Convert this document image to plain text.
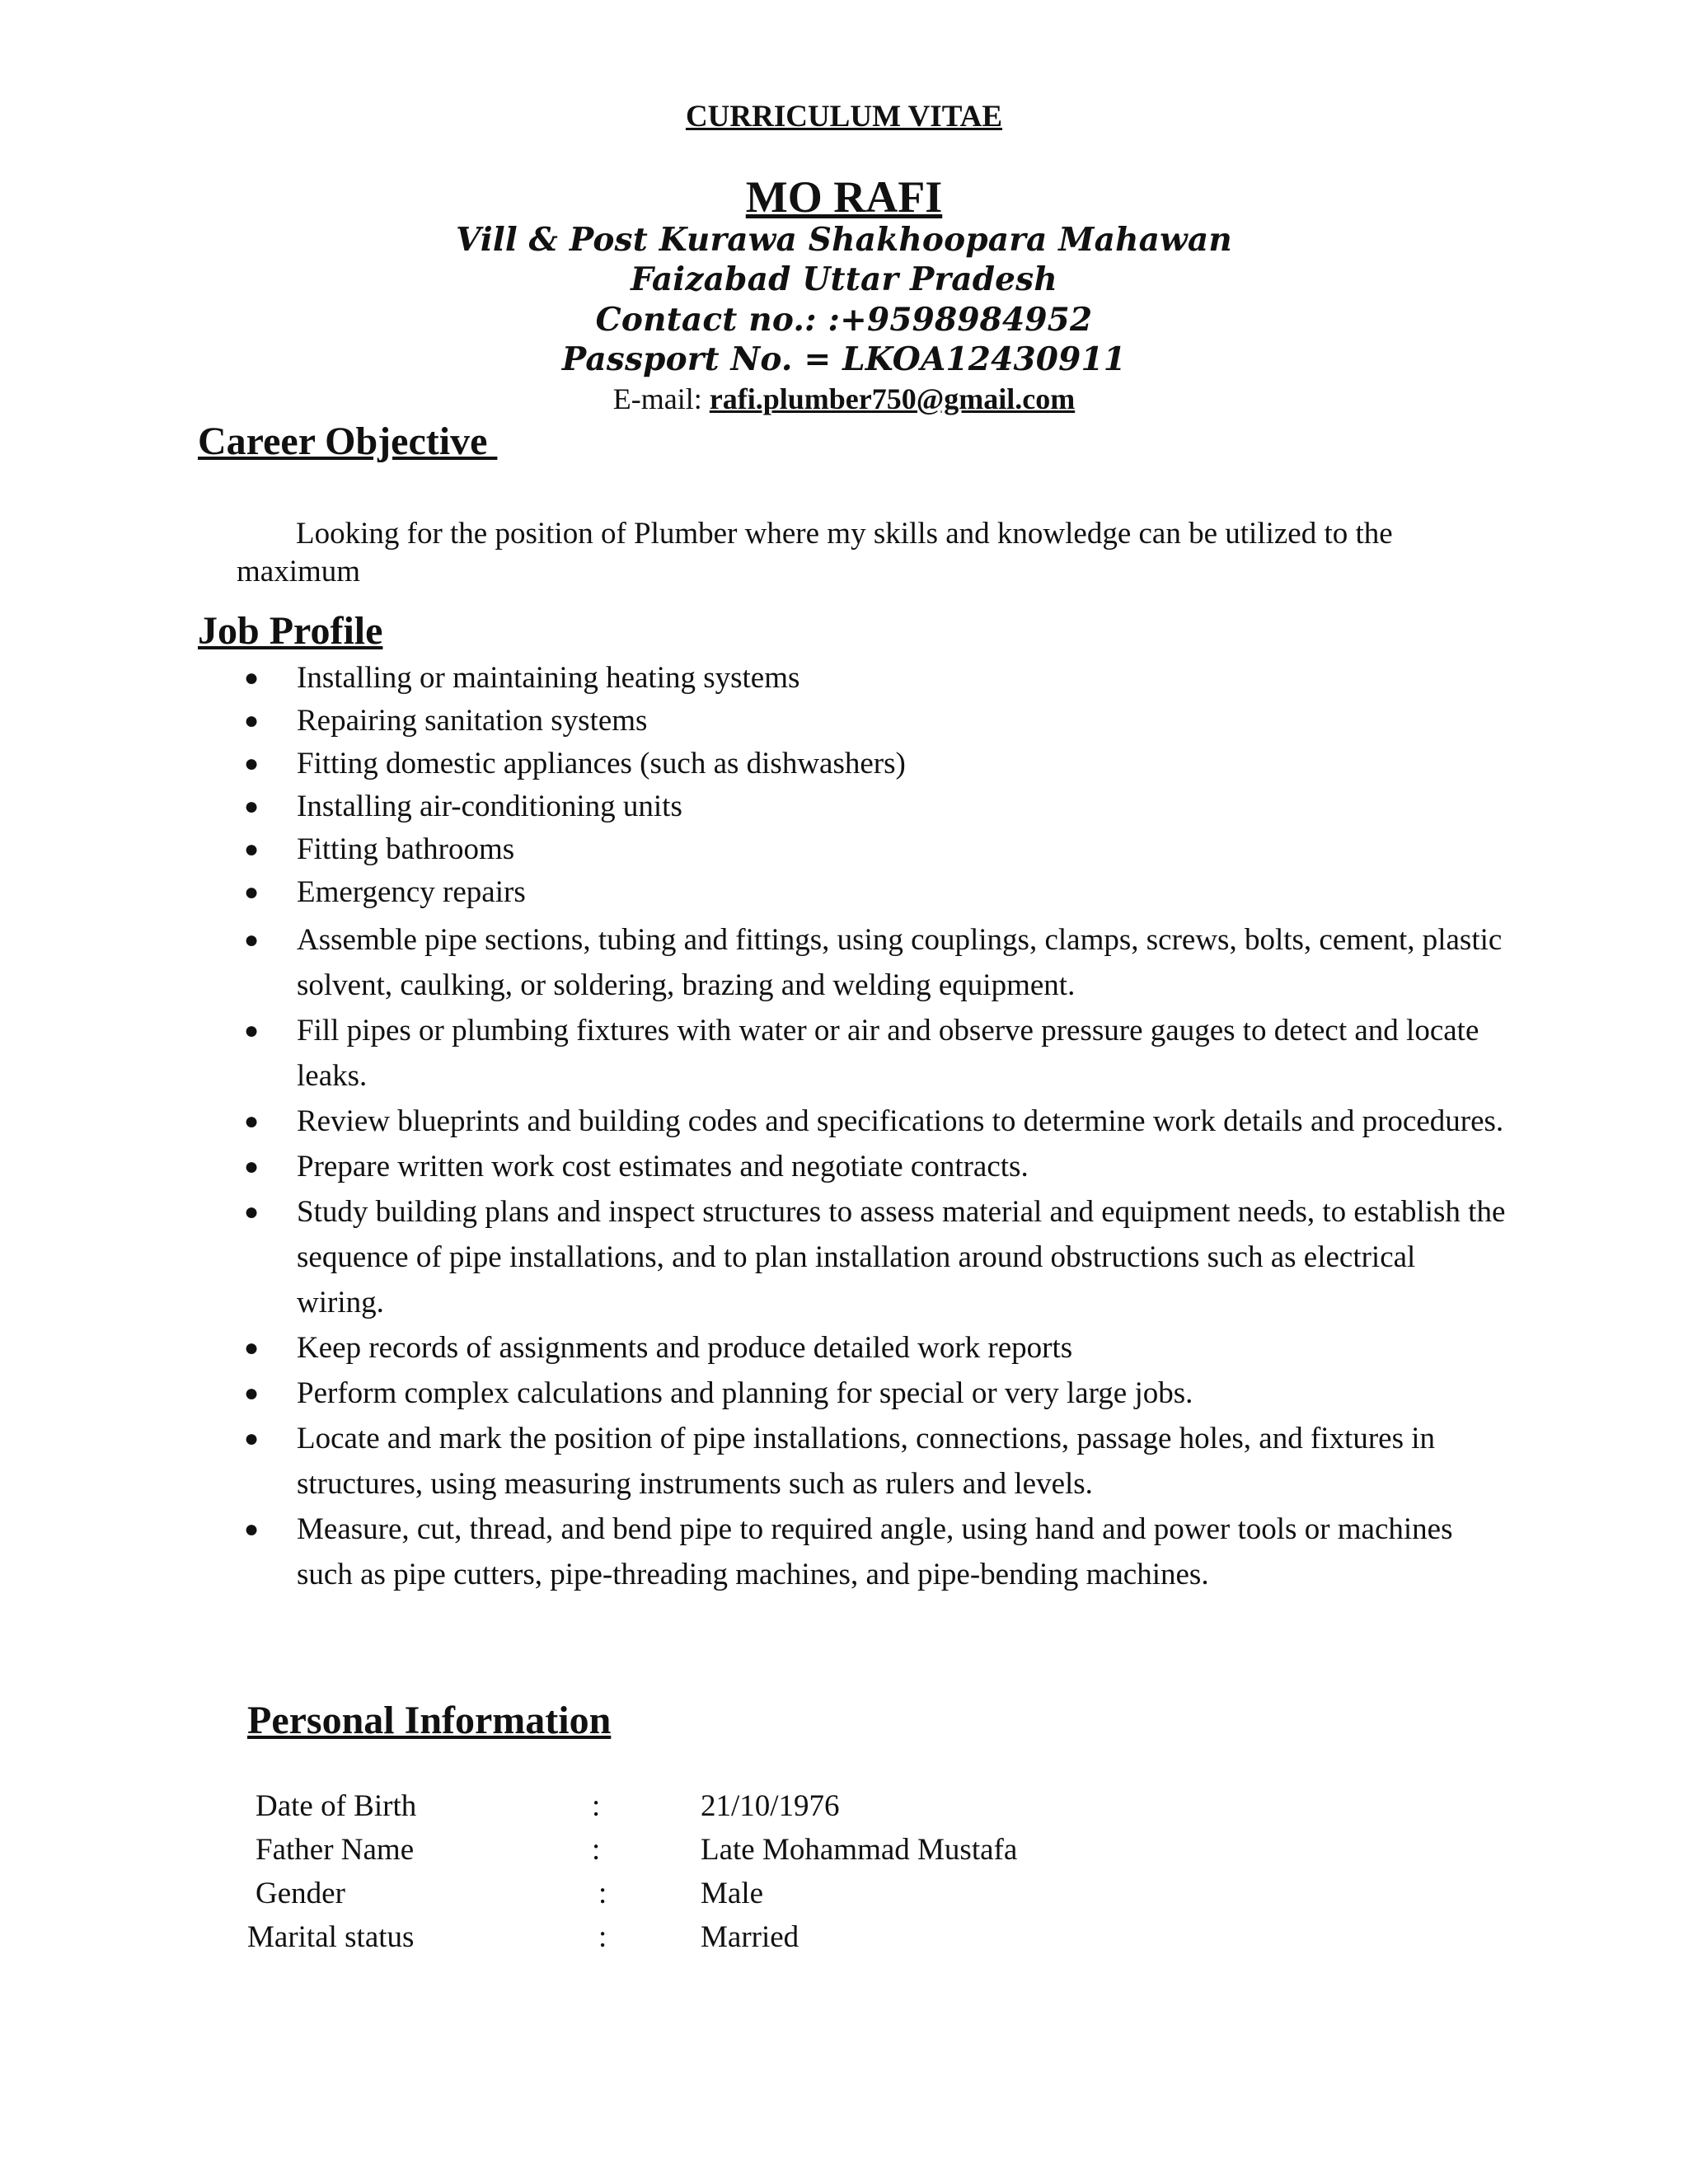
CURRICULUM VITAE
MO RAFI
Vill & Post Kurawa Shakhoopara Mahawan
Faizabad Uttar Pradesh
Contact no.: :+9598984952
Passport No. = LKOA12430911
E-mail: rafi.plumber750@gmail.com
Career Objective
Looking for the position of Plumber where my skills and knowledge can be utilized to the maximum
Job Profile
● Installing or maintaining heating systems
● Repairing sanitation systems
● Fitting domestic appliances (such as dishwashers)
● Installing air-conditioning units
● Fitting bathrooms
● Emergency repairs
● Assemble pipe sections, tubing and fittings, using couplings, clamps, screws, bolts, cement, plastic solvent, caulking, or soldering, brazing and welding equipment.
● Fill pipes or plumbing fixtures with water or air and observe pressure gauges to detect and locate leaks.
● Review blueprints and building codes and specifications to determine work details and procedures.
● Prepare written work cost estimates and negotiate contracts.
● Study building plans and inspect structures to assess material and equipment needs, to establish the sequence of pipe installations, and to plan installation around obstructions such as electrical wiring.
● Keep records of assignments and produce detailed work reports
● Perform complex calculations and planning for special or very large jobs.
● Locate and mark the position of pipe installations, connections, passage holes, and fixtures in structures, using measuring instruments such as rulers and levels.
● Measure, cut, thread, and bend pipe to required angle, using hand and power tools or machines such as pipe cutters, pipe-threading machines, and pipe-bending machines.
Personal Information
Date of Birth	:	21/10/1976
Father Name	:	Late Mohammad Mustafa
Gender	:	Male
Marital status	:	Married
